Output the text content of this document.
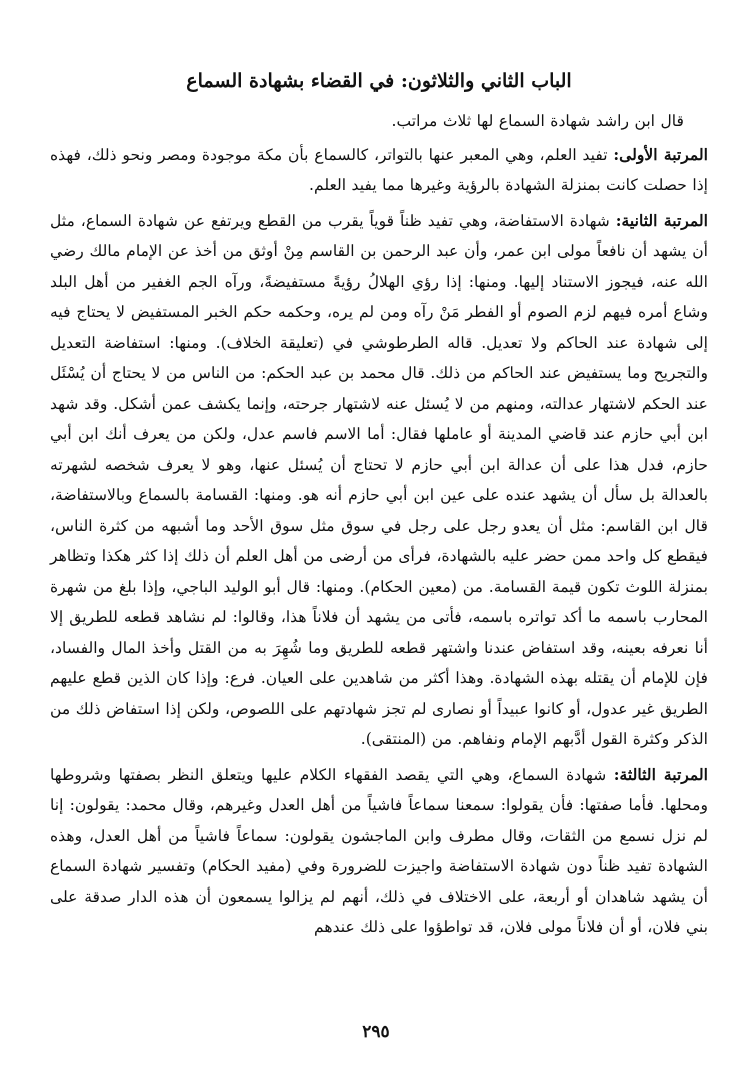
الباب الثاني والثلاثون: في القضاء بشهادة السماع

قال ابن راشد شهادة السماع لها ثلاث مراتب.

المرتبة الأولى: تفيد العلم، وهي المعبر عنها بالتواتر، كالسماع بأن مكة موجودة ومصر ونحو ذلك، فهذه إذا حصلت كانت بمنزلة الشهادة بالرؤية وغيرها مما يفيد العلم.

المرتبة الثانية: شهادة الاستفاضة، وهي تفيد ظناً قوياً يقرب من القطع ويرتفع عن شهادة السماع، مثل أن يشهد أن نافعاً مولى ابن عمر، وأن عبد الرحمن بن القاسم مِنْ أوثق من أخذ عن الإمام مالك رضي الله عنه، فيجوز الاستناد إليها. ومنها: إذا رؤي الهلالُ رؤيةً مستفيضةً، ورآه الجم الغفير من أهل البلد وشاع أمره فيهم لزم الصوم أو الفطر مَنْ رآه ومن لم يره، وحكمه حكم الخبر المستفيض لا يحتاج فيه إلى شهادة عند الحاكم ولا تعديل. قاله الطرطوشي في (تعليقة الخلاف). ومنها: استفاضة التعديل والتجريح وما يستفيض عند الحاكم من ذلك. قال محمد بن عبد الحكم: من الناس من لا يحتاج أن يُسْئَل عند الحكم لاشتهار عدالته، ومنهم من لا يُسئل عنه لاشتهار جرحته، وإنما يكشف عمن أشكل. وقد شهد ابن أبي حازم عند قاضي المدينة أو عاملها فقال: أما الاسم فاسم عدل، ولكن من يعرف أنك ابن أبي حازم، فدل هذا على أن عدالة ابن أبي حازم لا تحتاج أن يُسئل عنها، وهو لا يعرف شخصه لشهرته بالعدالة بل سأل أن يشهد عنده على عين ابن أبي حازم أنه هو. ومنها: القسامة بالسماع وبالاستفاضة، قال ابن القاسم: مثل أن يعدو رجل على رجل في سوق مثل سوق الأحد وما أشبهه من كثرة الناس، فيقطع كل واحد ممن حضر عليه بالشهادة، فرأى من أرضى من أهل العلم أن ذلك إذا كثر هكذا وتظاهر بمنزلة اللوث تكون قيمة القسامة. من (معين الحكام). ومنها: قال أبو الوليد الباجي، وإذا بلغ من شهرة المحارب باسمه ما أكد تواتره باسمه، فأتى من يشهد أن فلاناً هذا، وقالوا: لم نشاهد قطعه للطريق إلا أنا نعرفه بعينه، وقد استفاض عندنا واشتهر قطعه للطريق وما شُهِرَ به من القتل وأخذ المال والفساد، فإن للإمام أن يقتله بهذه الشهادة. وهذا أكثر من شاهدين على العيان. فرع: وإذا كان الذين قطع عليهم الطريق غير عدول، أو كانوا عبيداً أو نصارى لم تجز شهادتهم على اللصوص، ولكن إذا استفاض ذلك من الذكر وكثرة القول أدَّبهم الإمام ونفاهم. من (المنتقى).

المرتبة الثالثة: شهادة السماع، وهي التي يقصد الفقهاء الكلام عليها ويتعلق النظر بصفتها وشروطها ومحلها. فأما صفتها: فأن يقولوا: سمعنا سماعاً فاشياً من أهل العدل وغيرهم، وقال محمد: يقولون: إنا لم نزل نسمع من الثقات، وقال مطرف وابن الماجشون يقولون: سماعاً فاشياً من أهل العدل، وهذه الشهادة تفيد ظناً دون شهادة الاستفاضة واجيزت للضرورة وفي (مفيد الحكام) وتفسير شهادة السماع أن يشهد شاهدان أو أربعة، على الاختلاف في ذلك، أنهم لم يزالوا يسمعون أن هذه الدار صدقة على بني فلان، أو أن فلاناً مولى فلان، قد تواطؤوا على ذلك عندهم

٢٩٥
